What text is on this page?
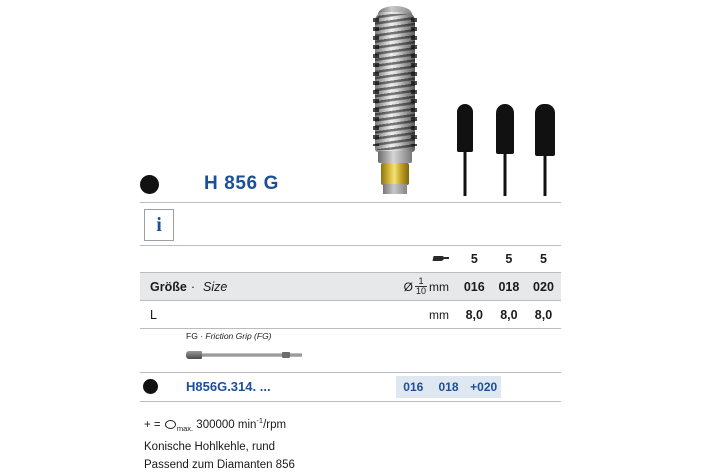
H 856 G
i
5	5	5
Größe · Size	Ø $\frac{1}{10}$ mm	016	018	020
L	mm	8,0	8,0	8,0
FG · Friction Grip (FG)
H856G.314. ...	016	018 +020
+ = $_{max.}$ 300000 $\min^{-1}$/rpm
Konische Hohlkehle, rund
Passend zum Diamanten 856
